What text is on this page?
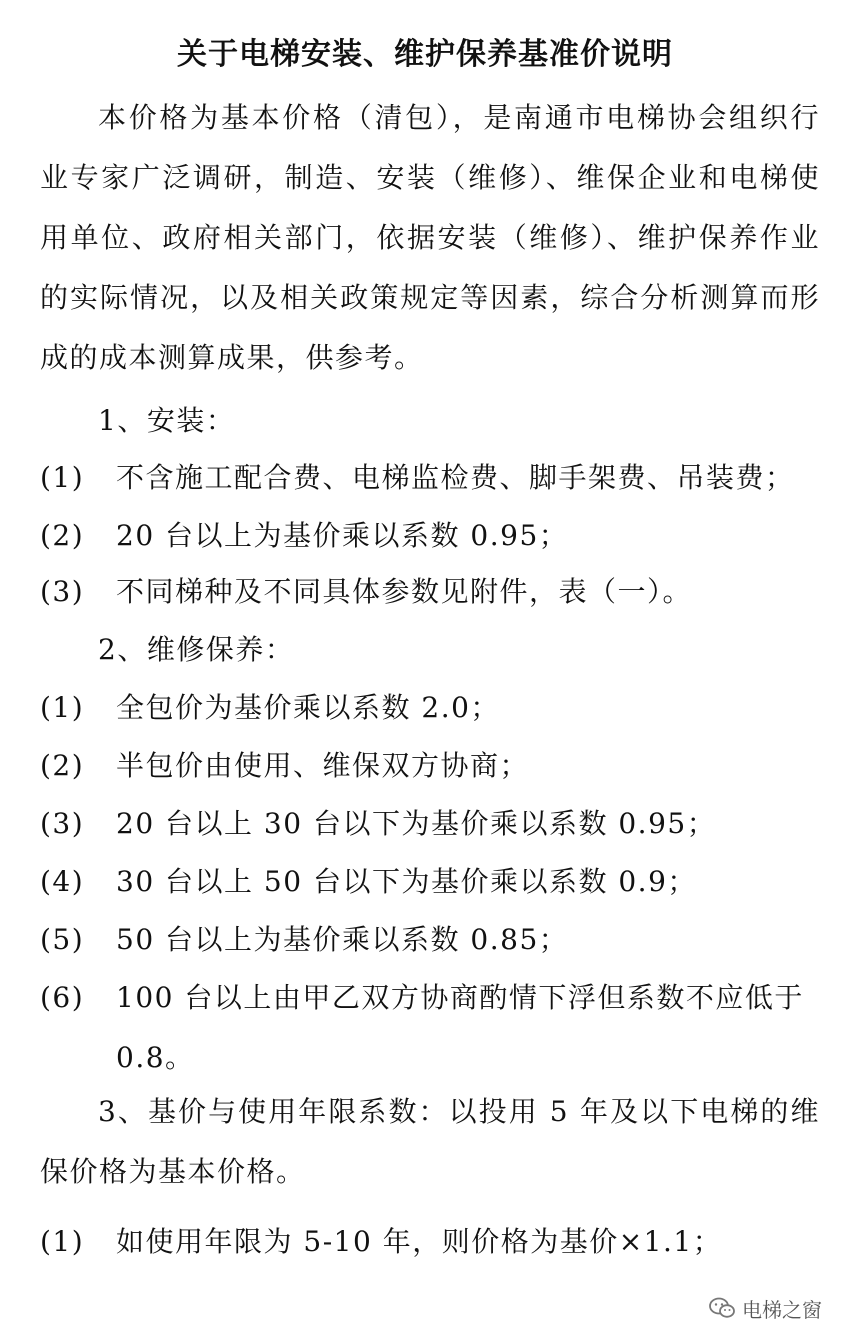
关于电梯安装、维护保养基准价说明
本价格为基本价格（清包），是南通市电梯协会组织行业专家广泛调研，制造、安装（维修）、维保企业和电梯使用单位、政府相关部门，依据安装（维修）、维护保养作业的实际情况，以及相关政策规定等因素，综合分析测算而形成的成本测算成果，供参考。
1、安装：
(1) 不含施工配合费、电梯监检费、脚手架费、吊装费；
(2) 20 台以上为基价乘以系数 0.95；
(3) 不同梯种及不同具体参数见附件，表（一）。
2、维修保养：
(1) 全包价为基价乘以系数 2.0；
(2) 半包价由使用、维保双方协商；
(3) 20 台以上 30 台以下为基价乘以系数 0.95；
(4) 30 台以上 50 台以下为基价乘以系数 0.9；
(5) 50 台以上为基价乘以系数 0.85；
(6) 100 台以上由甲乙双方协商酌情下浮但系数不应低于 0.8。
3、基价与使用年限系数：以投用 5 年及以下电梯的维保价格为基本价格。
(1) 如使用年限为 5-10 年，则价格为基价×1.1；
电梯之窗
